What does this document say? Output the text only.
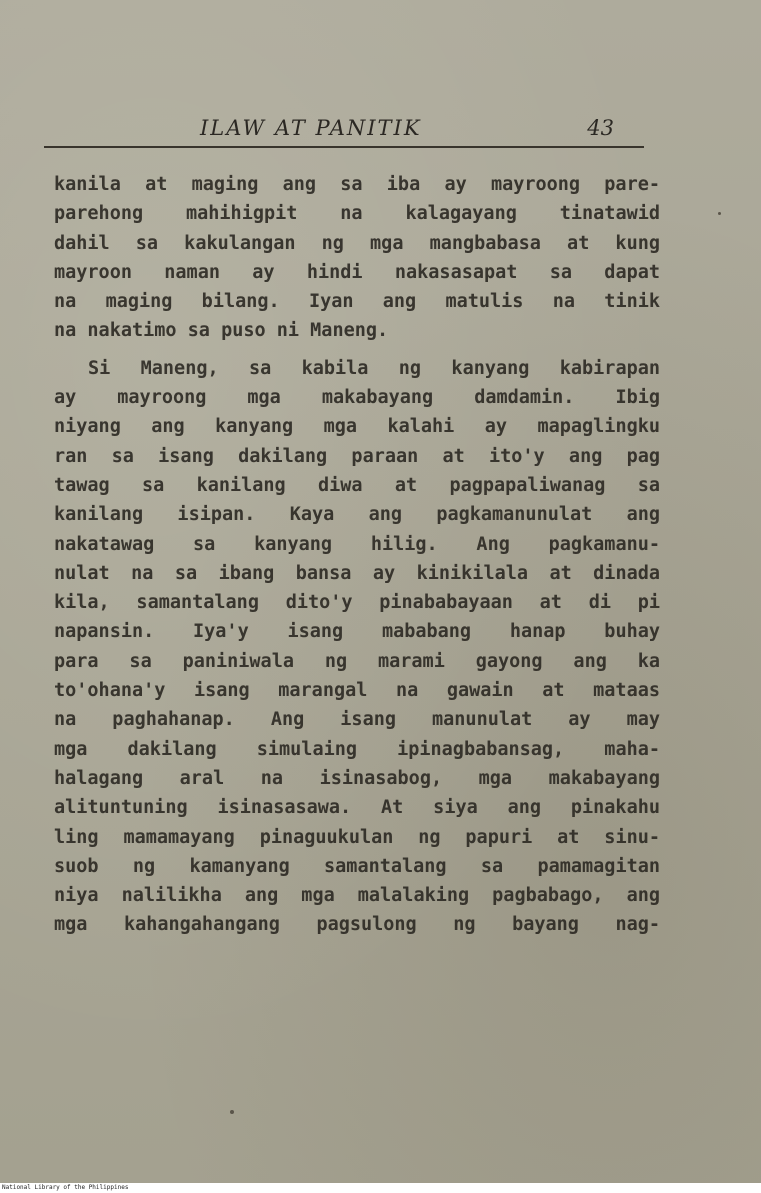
ILAW AT PANITIK	43
kanila at maging ang sa iba ay mayroong pare-
parehong mahihigpit na kalagayang tinatawid
dahil sa kakulangan ng mga mangbabasa at kung
mayroon naman ay hindi nakasasapat sa dapat
na maging bilang. Iyan ang matulis na tinik
na nakatimo sa puso ni Maneng.
Si Maneng, sa kabila ng kanyang kabirapan
ay mayroong mga makabayang damdamin. Ibig
niyang ang kanyang mga kalahi ay mapaglingku
ran sa isang dakilang paraan at ito'y ang pag
tawag sa kanilang diwa at pagpapaliwanag sa
kanilang isipan. Kaya ang pagkamanunulat ang
nakatawag sa kanyang hilig. Ang pagkamanu-
nulat na sa ibang bansa ay kinikilala at dinada
kila, samantalang dito'y pinababayaan at di pi
napansin. Iya'y isang mababang hanap buhay
para sa paniniwala ng marami gayong ang ka
to'ohana'y isang marangal na gawain at mataas
na paghahanap. Ang isang manunulat ay may
mga dakilang simulaing ipinagbabansag, maha-
halagang aral na isinasabog, mga makabayang
alituntuning isinasasawa. At siya ang pinakahu
ling mamamayang pinaguukulan ng papuri at sinu-
suob ng kamanyang samantalang sa pamamagitan
niya nalilikha ang mga malalaking pagbabago, ang
mga kahangahangang pagsulong ng bayang nag-
National Library of the Philippines
